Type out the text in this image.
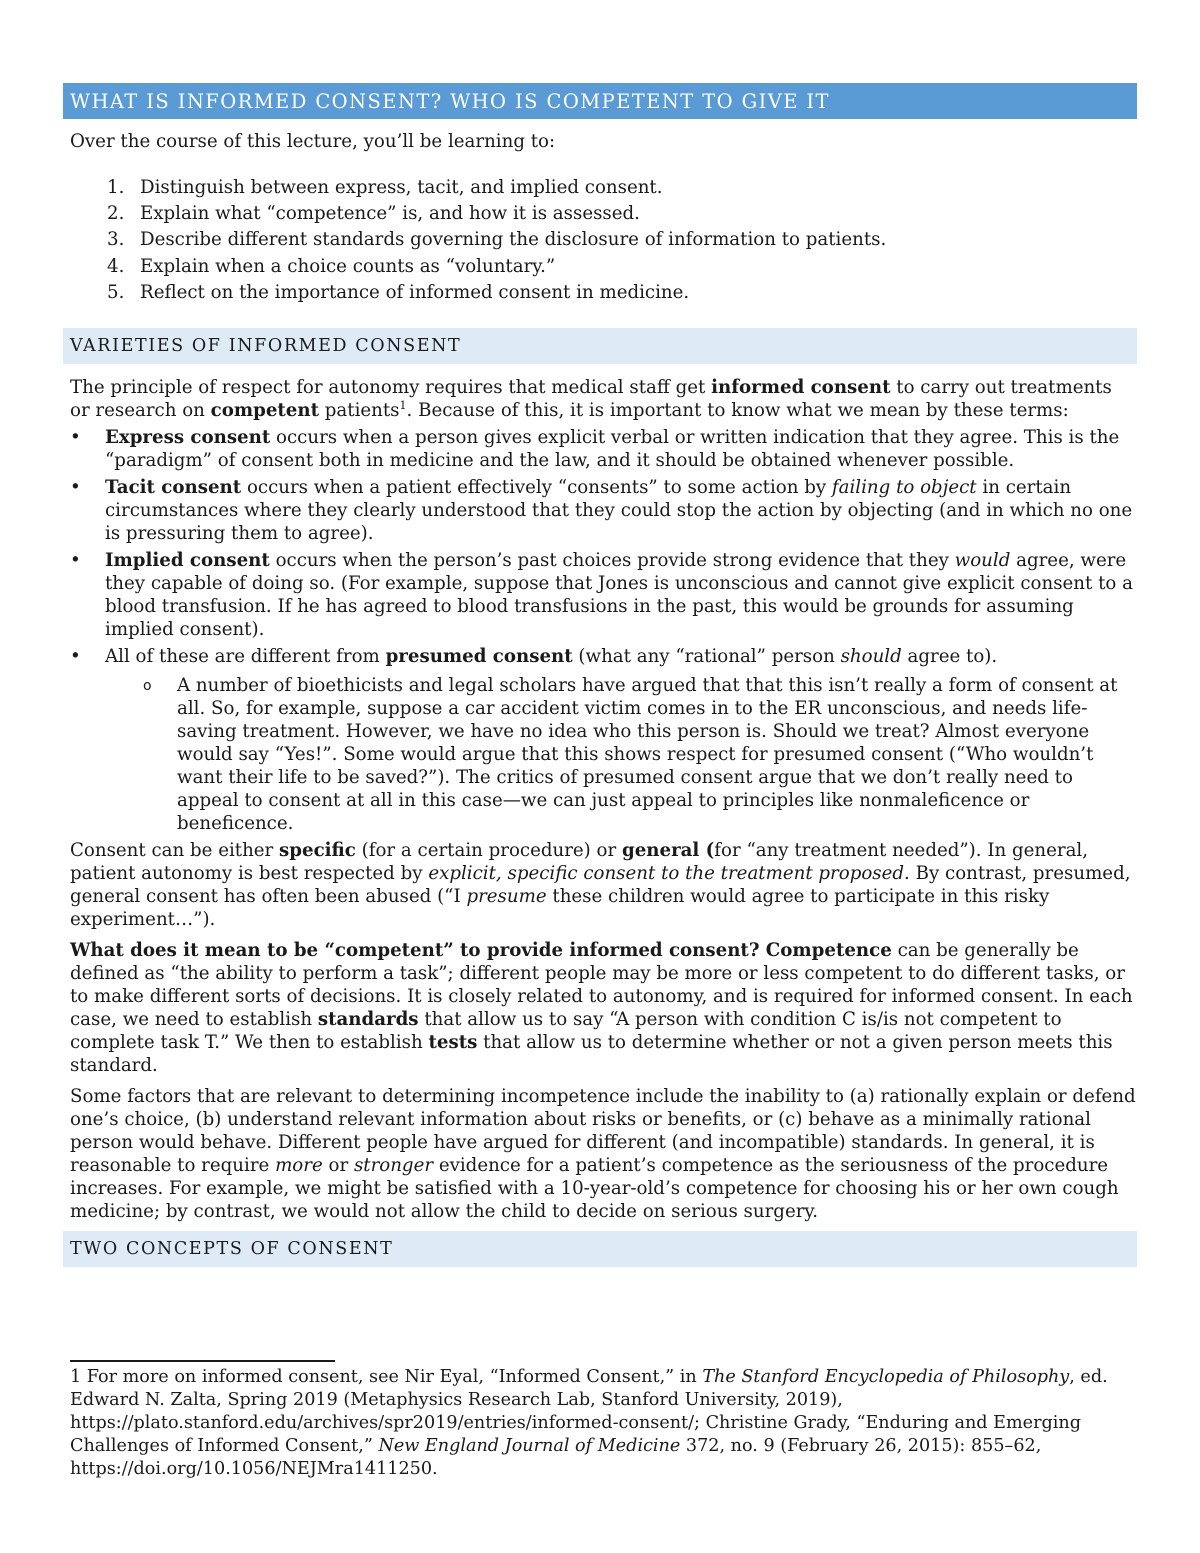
WHAT IS INFORMED CONSENT? WHO IS COMPETENT TO GIVE IT

Over the course of this lecture, you’ll be learning to:

1. Distinguish between express, tacit, and implied consent.
2. Explain what “competence” is, and how it is assessed.
3. Describe different standards governing the disclosure of information to patients.
4. Explain when a choice counts as “voluntary.”
5. Reflect on the importance of informed consent in medicine.
VARIETIES OF INFORMED CONSENT

The principle of respect for autonomy requires that medical staff get informed consent to carry out treatments or research on competent patients$^1$. Because of this, it is important to know what we mean by these terms:

• Express consent occurs when a person gives explicit verbal or written indication that they agree. This is the “paradigm” of consent both in medicine and the law, and it should be obtained whenever possible.
• Tacit consent occurs when a patient effectively “consents” to some action by failing to object in certain circumstances where they clearly understood that they could stop the action by objecting (and in which no one is pressuring them to agree).
• Implied consent occurs when the person’s past choices provide strong evidence that they would agree, were they capable of doing so. (For example, suppose that Jones is unconscious and cannot give explicit consent to a blood transfusion. If he has agreed to blood transfusions in the past, this would be grounds for assuming implied consent).
• All of these are different from presumed consent (what any “rational” person should agree to).
o A number of bioethicists and legal scholars have argued that that this isn’t really a form of consent at all. So, for example, suppose a car accident victim comes in to the ER unconscious, and needs life-saving treatment. However, we have no idea who this person is. Should we treat? Almost everyone would say “Yes!”. Some would argue that this shows respect for presumed consent (“Who wouldn’t want their life to be saved?”). The critics of presumed consent argue that we don’t really need to appeal to consent at all in this case—we can just appeal to principles like nonmaleficence or beneficence.

Consent can be either specific (for a certain procedure) or general (for “any treatment needed”). In general, patient autonomy is best respected by explicit, specific consent to the treatment proposed. By contrast, presumed, general consent has often been abused (“I presume these children would agree to participate in this risky experiment…”).

What does it mean to be “competent” to provide informed consent? Competence can be generally be defined as “the ability to perform a task”; different people may be more or less competent to do different tasks, or to make different sorts of decisions. It is closely related to autonomy, and is required for informed consent. In each case, we need to establish standards that allow us to say “A person with condition C is/is not competent to complete task T.” We then to establish tests that allow us to determine whether or not a given person meets this standard.

Some factors that are relevant to determining incompetence include the inability to (a) rationally explain or defend one’s choice, (b) understand relevant information about risks or benefits, or (c) behave as a minimally rational person would behave. Different people have argued for different (and incompatible) standards. In general, it is reasonable to require more or stronger evidence for a patient’s competence as the seriousness of the procedure increases. For example, we might be satisfied with a 10-year-old’s competence for choosing his or her own cough medicine; by contrast, we would not allow the child to decide on serious surgery.

TWO CONCEPTS OF CONSENT

1 For more on informed consent, see Nir Eyal, “Informed Consent,” in The Stanford Encyclopedia of Philosophy, ed. Edward N. Zalta, Spring 2019 (Metaphysics Research Lab, Stanford University, 2019), https://plato.stanford.edu/archives/spr2019/entries/informed-consent/; Christine Grady, “Enduring and Emerging Challenges of Informed Consent,” New England Journal of Medicine 372, no. 9 (February 26, 2015): 855–62, https://doi.org/10.1056/NEJMra1411250.
